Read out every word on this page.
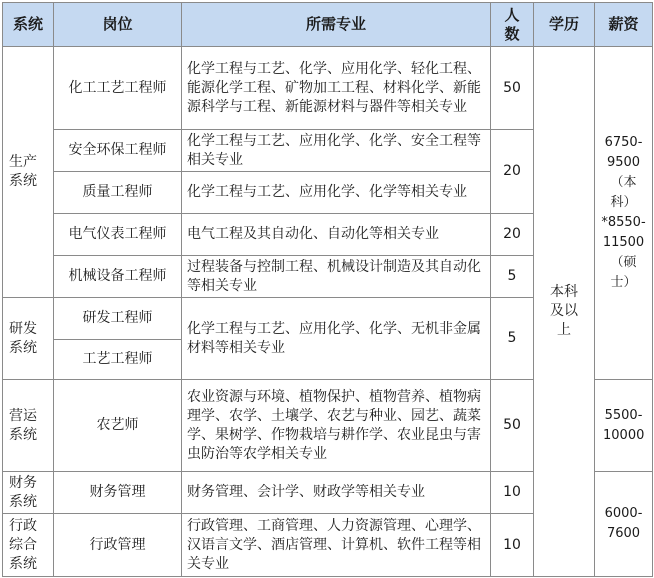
系统	岗位	所需专业	人数	学历	薪资
生产系统	化工工艺工程师	化学工程与工艺、化学、应用化学、轻化工程、能源化学工程、矿物加工工程、材料化学、新能源科学与工程、新能源材料与器件等相关专业	50	本科及以上	6750-9500（本科）*8550-11500（硕士）
	安全环保工程师	化学工程与工艺、应用化学、化学、安全工程等相关专业	20		
	质量工程师	化学工程与工艺、应用化学、化学等相关专业			
	电气仪表工程师	电气工程及其自动化、自动化等相关专业	20		
	机械设备工程师	过程装备与控制工程、机械设计制造及其自动化等相关专业	5		
研发系统	研发工程师	化学工程与工艺、应用化学、化学、无机非金属材料等相关专业	5		
	工艺工程师				
营运系统	农艺师	农业资源与环境、植物保护、植物营养、植物病理学、农学、土壤学、农艺与种业、园艺、蔬菜学、果树学、作物栽培与耕作学、农业昆虫与害虫防治等农学相关专业	50		5500-10000
财务系统	财务管理	财务管理、会计学、财政学等相关专业	10		6000-7600
行政综合系统	行政管理	行政管理、工商管理、人力资源管理、心理学、汉语言文学、酒店管理、计算机、软件工程等相关专业	10		
